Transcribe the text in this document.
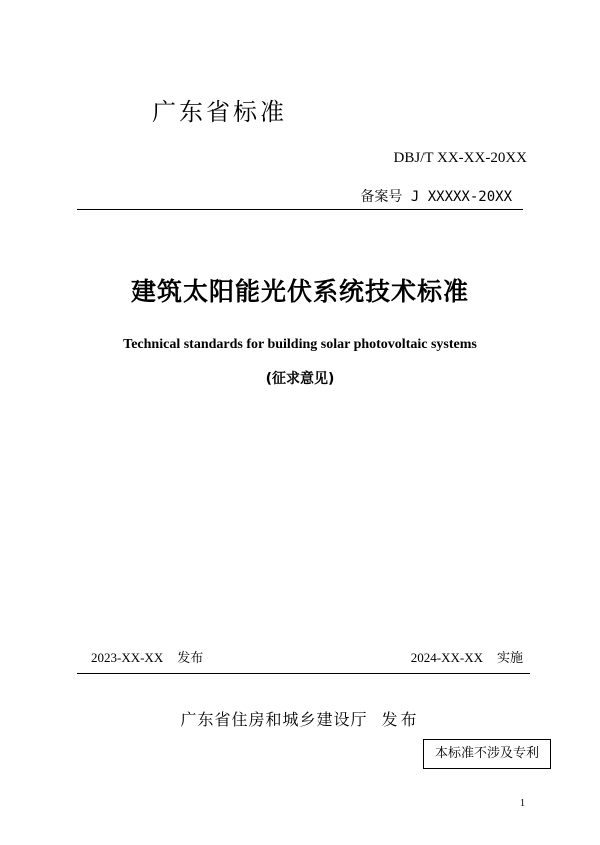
广东省标准
DBJ/T XX-XX-20XX
备案号 J XXXXX-20XX
建筑太阳能光伏系统技术标准
Technical standards for building solar photovoltaic systems
(征求意见)
2023-XX-XX 发布	2024-XX-XX 实施
广东省住房和城乡建设厅 发布
本标准不涉及专利
1
